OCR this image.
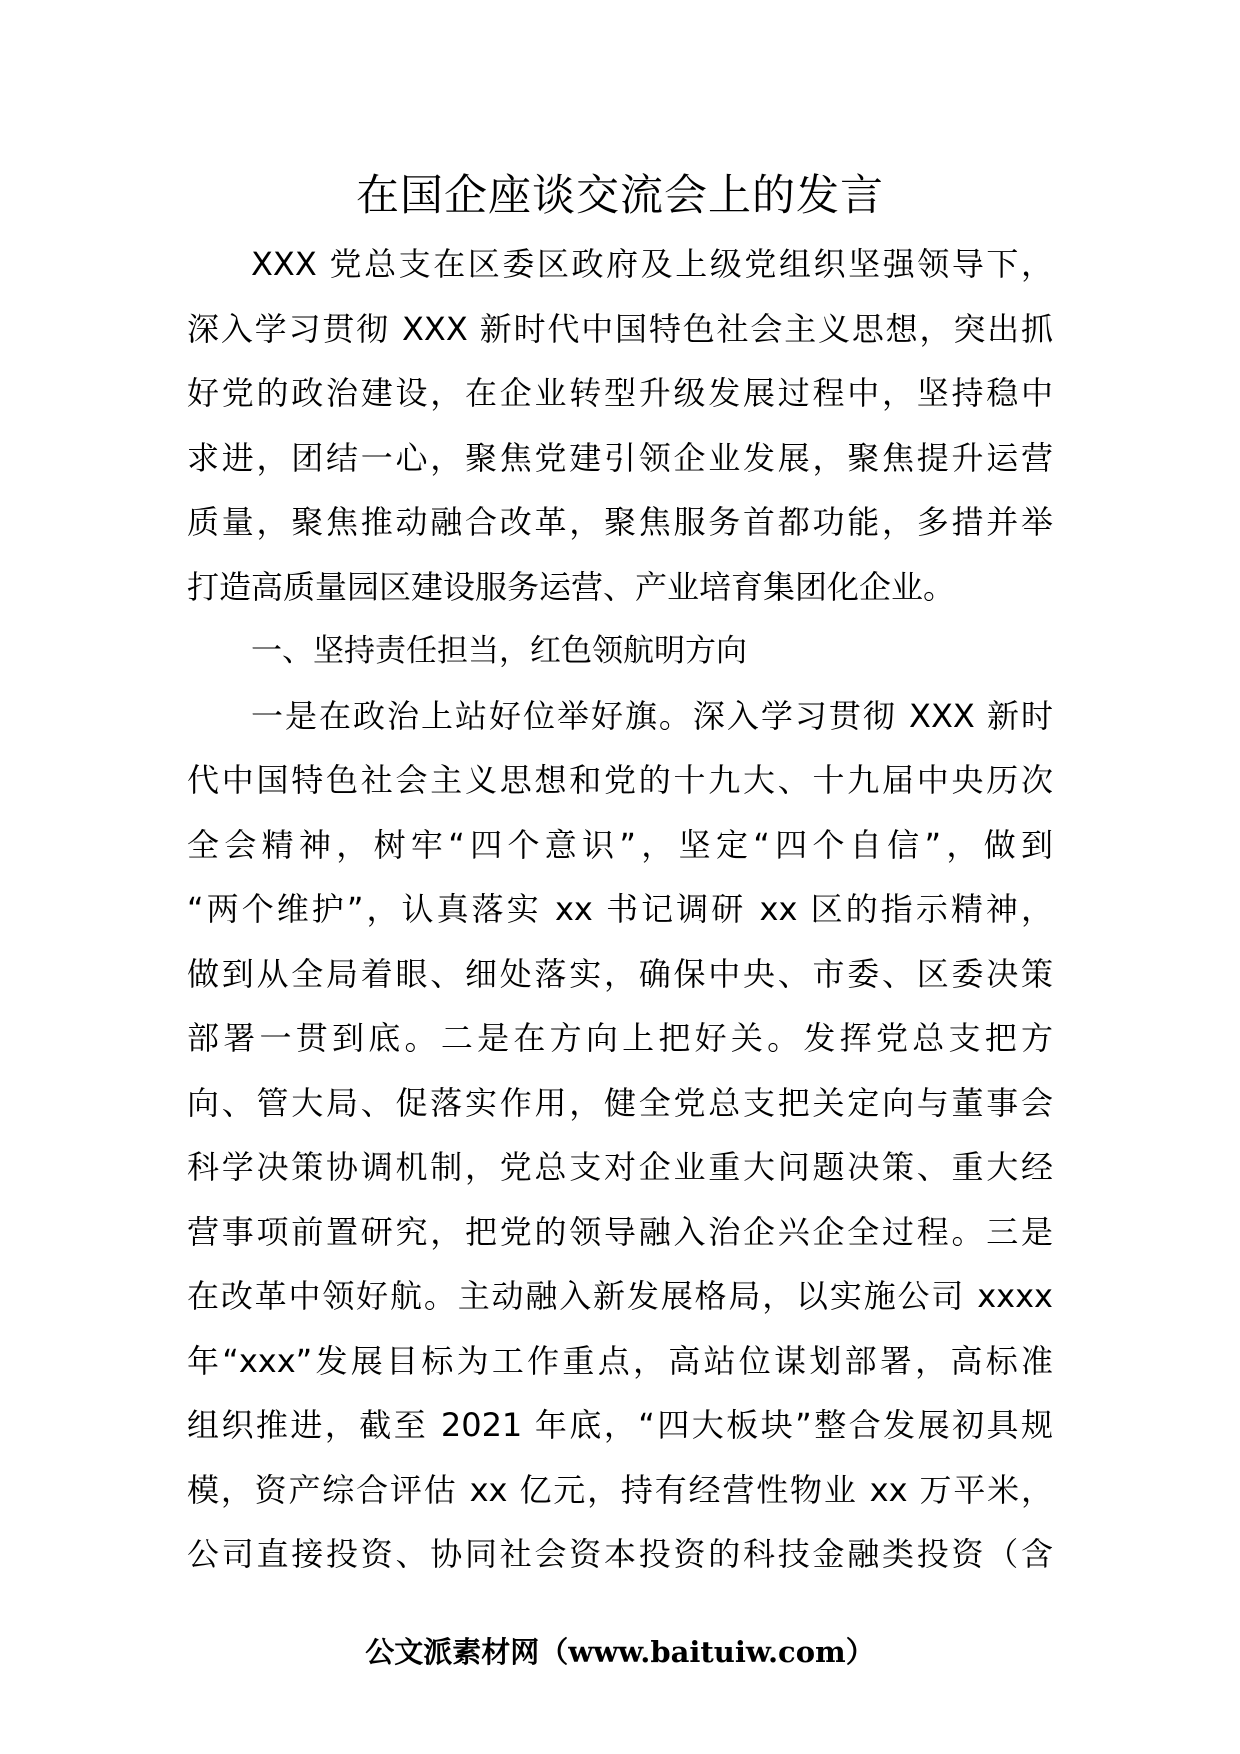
在国企座谈交流会上的发言
XXX 党总支在区委区政府及上级党组织坚强领导下，
深入学习贯彻 XXX 新时代中国特色社会主义思想，突出抓
好党的政治建设，在企业转型升级发展过程中，坚持稳中
求进，团结一心，聚焦党建引领企业发展，聚焦提升运营
质量，聚焦推动融合改革，聚焦服务首都功能，多措并举
打造高质量园区建设服务运营、产业培育集团化企业。
一、坚持责任担当，红色领航明方向
一是在政治上站好位举好旗。深入学习贯彻 XXX 新时
代中国特色社会主义思想和党的十九大、十九届中央历次
全会精神，树牢“四个意识”，坚定“四个自信”，做到
“两个维护”，认真落实 xx 书记调研 xx 区的指示精神，
做到从全局着眼、细处落实，确保中央、市委、区委决策
部署一贯到底。二是在方向上把好关。发挥党总支把方
向、管大局、促落实作用，健全党总支把关定向与董事会
科学决策协调机制，党总支对企业重大问题决策、重大经
营事项前置研究，把党的领导融入治企兴企全过程。三是
在改革中领好航。主动融入新发展格局，以实施公司 xxxx
年“xxx”发展目标为工作重点，高站位谋划部署，高标准
组织推进，截至 2021 年底，“四大板块”整合发展初具规
模，资产综合评估 xx 亿元，持有经营性物业 xx 万平米，
公司直接投资、协同社会资本投资的科技金融类投资（含
公文派素材网（www.baituiw.com）
